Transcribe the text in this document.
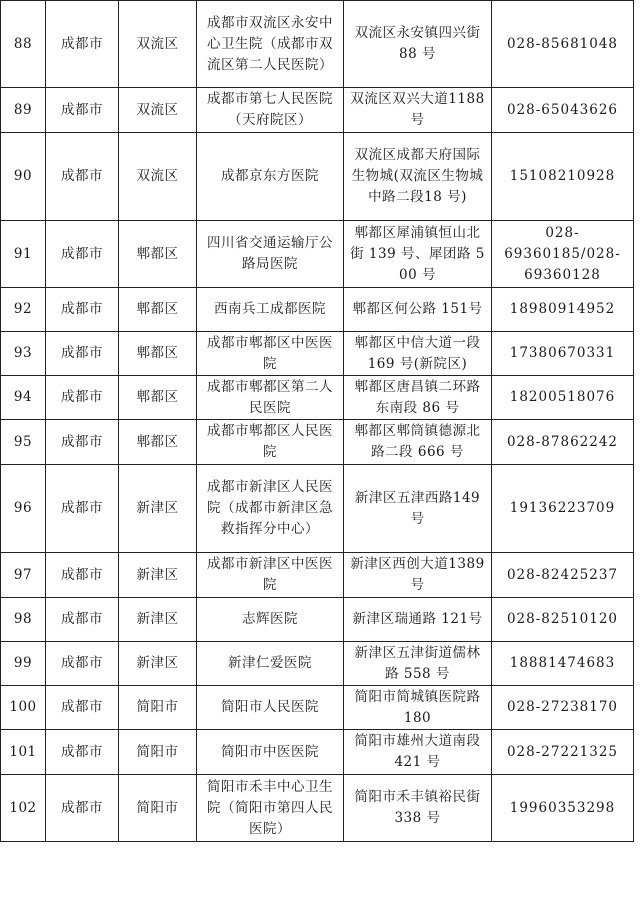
88	成都市	双流区	成都市双流区永安中心卫生院（成都市双流区第二人民医院）	双流区永安镇四兴街 88 号	028-85681048
89	成都市	双流区	成都市第七人民医院（天府院区）	双流区双兴大道1188 号	028-65043626
90	成都市	双流区	成都京东方医院	双流区成都天府国际生物城(双流区生物城中路二段18 号)	15108210928
91	成都市	郫都区	四川省交通运输厅公路局医院	郫都区犀浦镇恒山北街 139 号、犀团路 500 号	028-69360185/028-69360128
92	成都市	郫都区	西南兵工成都医院	郫都区何公路 151号	18980914952
93	成都市	郫都区	成都市郫都区中医医院	郫都区中信大道一段 169 号(新院区)	17380670331
94	成都市	郫都区	成都市郫都区第二人民医院	郫都区唐昌镇二环路东南段 86 号	18200518076
95	成都市	郫都区	成都市郫都区人民医院	郫都区郫筒镇德源北路二段 666 号	028-87862242
96	成都市	新津区	成都市新津区人民医院（成都市新津区急救指挥分中心）	新津区五津西路149 号	19136223709
97	成都市	新津区	成都市新津区中医医院	新津区西创大道1389 号	028-82425237
98	成都市	新津区	志辉医院	新津区瑞通路 121号	028-82510120
99	成都市	新津区	新津仁爱医院	新津区五津街道儒林路 558 号	18881474683
100	成都市	简阳市	简阳市人民医院	简阳市简城镇医院路 180	028-27238170
101	成都市	简阳市	简阳市中医医院	简阳市雄州大道南段 421 号	028-27221325
102	成都市	简阳市	简阳市禾丰中心卫生院（简阳市第四人民医院）	简阳市禾丰镇裕民街 338 号	19960353298
